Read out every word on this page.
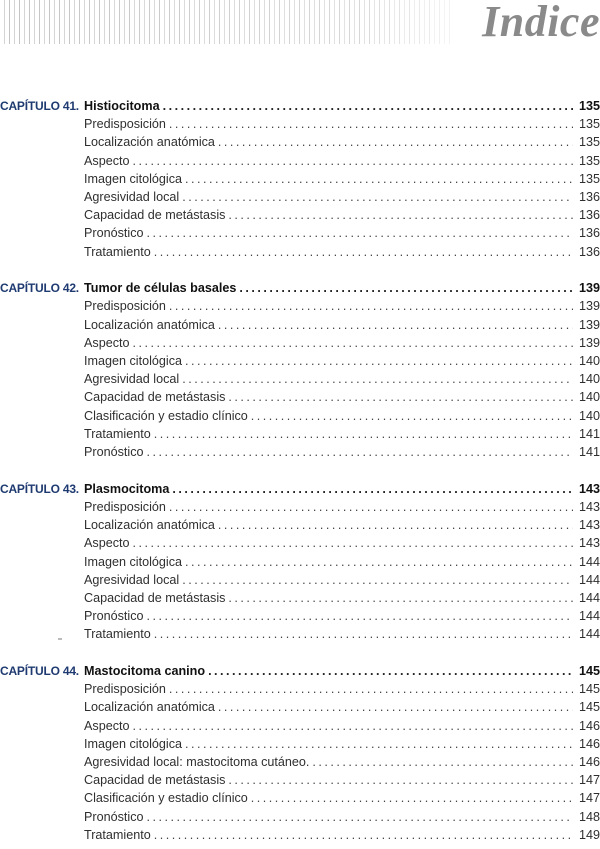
Indice
CAPÍTULO 41. Histiocitoma . . .	135
Predisposición . . .	135
Localización anatómica . . .	135
Aspecto . . .	135
Imagen citológica . . .	135
Agresividad local . . .	136
Capacidad de metástasis . . .	136
Pronóstico . . .	136
Tratamiento . . .	136
CAPÍTULO 42. Tumor de células basales . . .	139
Predisposición . . .	139
Localización anatómica . . .	139
Aspecto . . .	139
Imagen citológica . . .	140
Agresividad local . . .	140
Capacidad de metástasis . . .	140
Clasificación y estadio clínico . . .	140
Tratamiento . . .	141
Pronóstico . . .	141
CAPÍTULO 43. Plasmocitoma . . .	143
Predisposición . . .	143
Localización anatómica . . .	143
Aspecto . . .	143
Imagen citológica . . .	144
Agresividad local . . .	144
Capacidad de metástasis . . .	144
Pronóstico . . .	144
Tratamiento . . .	144
CAPÍTULO 44. Mastocitoma canino . . .	145
Predisposición . . .	145
Localización anatómica . . .	145
Aspecto . . .	146
Imagen citológica . . .	146
Agresividad local: mastocitoma cutáneo. . . .	146
Capacidad de metástasis . . .	147
Clasificación y estadio clínico . . .	147
Pronóstico . . .	148
Tratamiento . . .	149
